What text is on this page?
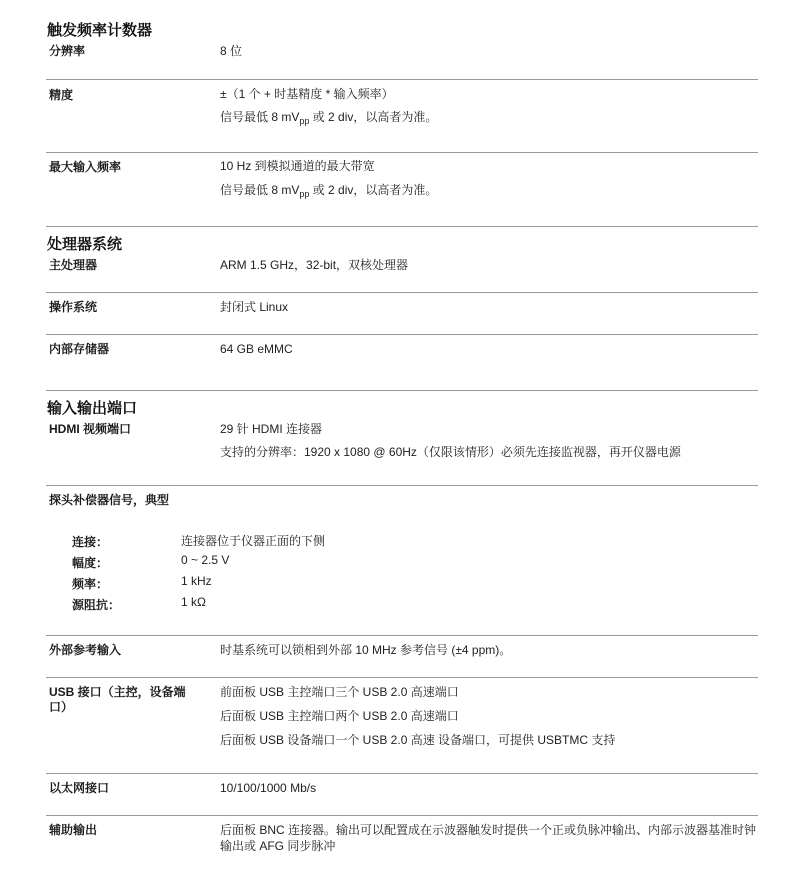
触发频率计数器
分辨率	8 位
精度	±（1 个 + 时基精度 * 输入频率）
信号最低 8 $mV_{pp}$ 或 2 div，以高者为准。
最大输入频率	10 Hz 到模拟通道的最大带宽
信号最低 8 $mV_{pp}$ 或 2 div，以高者为准。
处理器系统
主处理器	ARM 1.5 GHz，32-bit，双核处理器
操作系统	封闭式 Linux
内部存储器	64 GB eMMC
输入输出端口
HDMI 视频端口	29 针 HDMI 连接器
支持的分辨率：1920 x 1080 @ 60Hz（仅限该情形）必须先连接监视器，再开仪器电源
探头补偿器信号，典型
连接：	连接器位于仪器正面的下侧
幅度：	0 ~ 2.5 V
频率：	1 kHz
源阻抗：	1 kΩ
外部参考输入	时基系统可以锁相到外部 10 MHz 参考信号 (±4 ppm)。
USB 接口（主控，设备端
口）
前面板 USB 主控端口三个 USB 2.0 高速端口
后面板 USB 主控端口两个 USB 2.0 高速端口
后面板 USB 设备端口一个 USB 2.0 高速 设备端口，可提供 USBTMC 支持
以太网接口	10/100/1000 Mb/s
辅助输出	后面板 BNC 连接器。输出可以配置成在示波器触发时提供一个正或负脉冲输出、内部示波器基准时钟输出或 AFG 同步脉冲
